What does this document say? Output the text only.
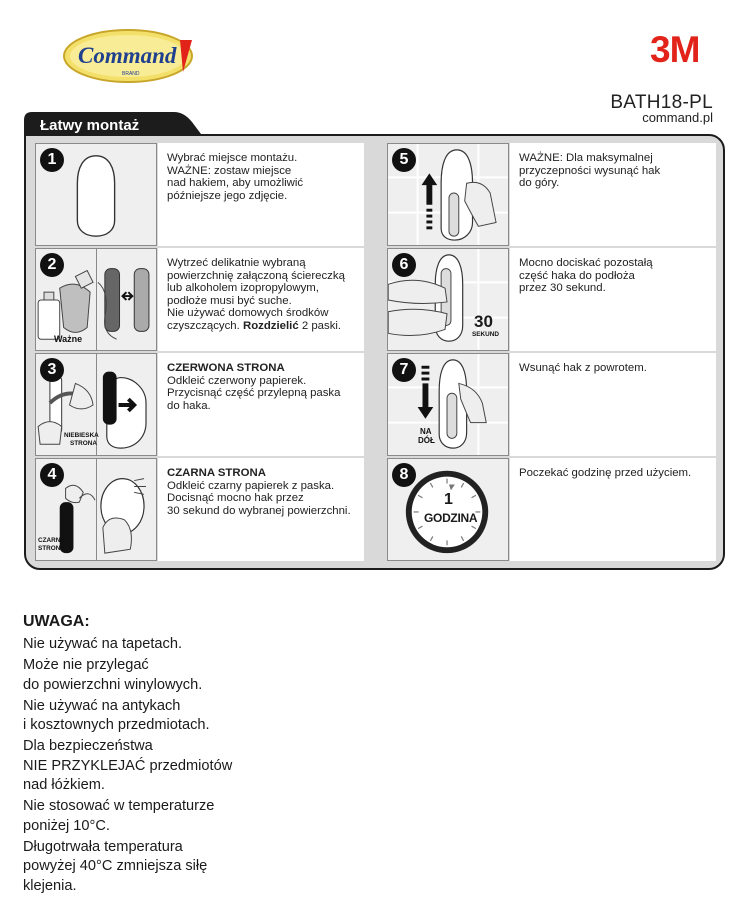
Command
BRAND
3M
BATH18-PL
command.pl
Łatwy montaż
1	Wybrać miejsce montażu.
WAŻNE: zostaw miejsce
nad hakiem, aby umożliwić
późniejsze jego zdjęcie.
Ważne
2	Wytrzeć delikatnie wybraną
powierzchnię załączoną ściereczką
lub alkoholem izopropylowym,
podłoże musi być suche.
Nie używać domowych środków
czyszczących. Rozdzielić 2 paski.
NIEBIESKA
STRONA
3	CZERWONA STRONA
Odkleić czerwony papierek.
Przycisnąć część przylepną paska
do haka.
CZARNA
STRONA
4	CZARNA STRONA
Odkleić czarny papierek z paska.
Docisnąć mocno hak przez
30 sekund do wybranej powierzchni.
5	WAŻNE: Dla maksymalnej
przyczepności wysunąć hak
do góry.
30
SEKUND
6	Mocno dociskać pozostałą
część haka do podłoża
przez 30 sekund.
NA
DÓŁ
7	Wsunąć hak z powrotem.
1
GODZINA
8	Poczekać godzinę przed użyciem.
UWAGA:
Nie używać na tapetach.
Może nie przylegać
do powierzchni winylowych.
Nie używać na antykach
i kosztownych przedmiotach.
Dla bezpieczeństwa
NIE PRZYKLEJAĆ przedmiotów
nad łóżkiem.
Nie stosować w temperaturze
poniżej 10°C.
Długotrwała temperatura
powyżej 40°C zmniejsza siłę
klejenia.
